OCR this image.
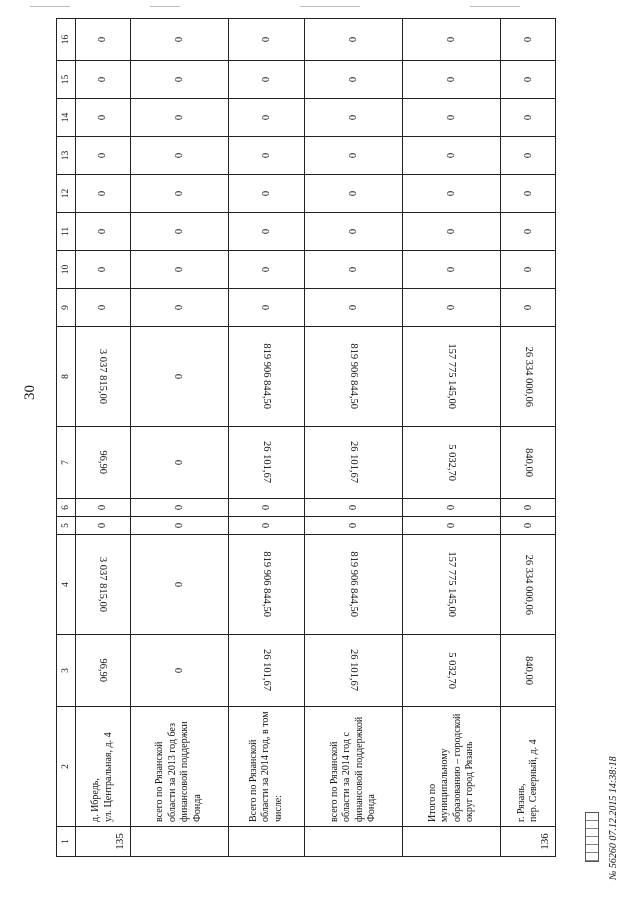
30
1	2	3	4	5	6	7	8	9	10	11	12	13	14	15	16
135	д. Ибредь,
ул. Центральная, д. 4	96,90	3 037 815,00	0	0	96,90	3 037 815,00	0	0	0	0	0	0	0	0
	всего по Рязанской области за 2013 год без финансовой поддержки Фонда	0	0	0	0	0	0	0	0	0	0	0	0	0	0
	Всего по Рязанской области за 2014 год, в том числе:	26 101,67	819 906 844,50	0	0	26 101,67	819 906 844,50	0	0	0	0	0	0	0	0
	всего по Рязанской области за 2014 год с финансовой поддержкой Фонда	26 101,67	819 906 844,50	0	0	26 101,67	819 906 844,50	0	0	0	0	0	0	0	0
	Итого по муниципальному образованию – городской округ город Рязань	5 032,70	157 775 145,00	0	0	5 032,70	157 775 145,00	0	0	0	0	0	0	0	0
136	г. Рязань,
пер. Северный, д. 4	840,00	26 334 000,06	0	0	840,00	26 334 000,06	0	0	0	0	0	0	0	0
№ 56260 07.12.2015 14:38:18
